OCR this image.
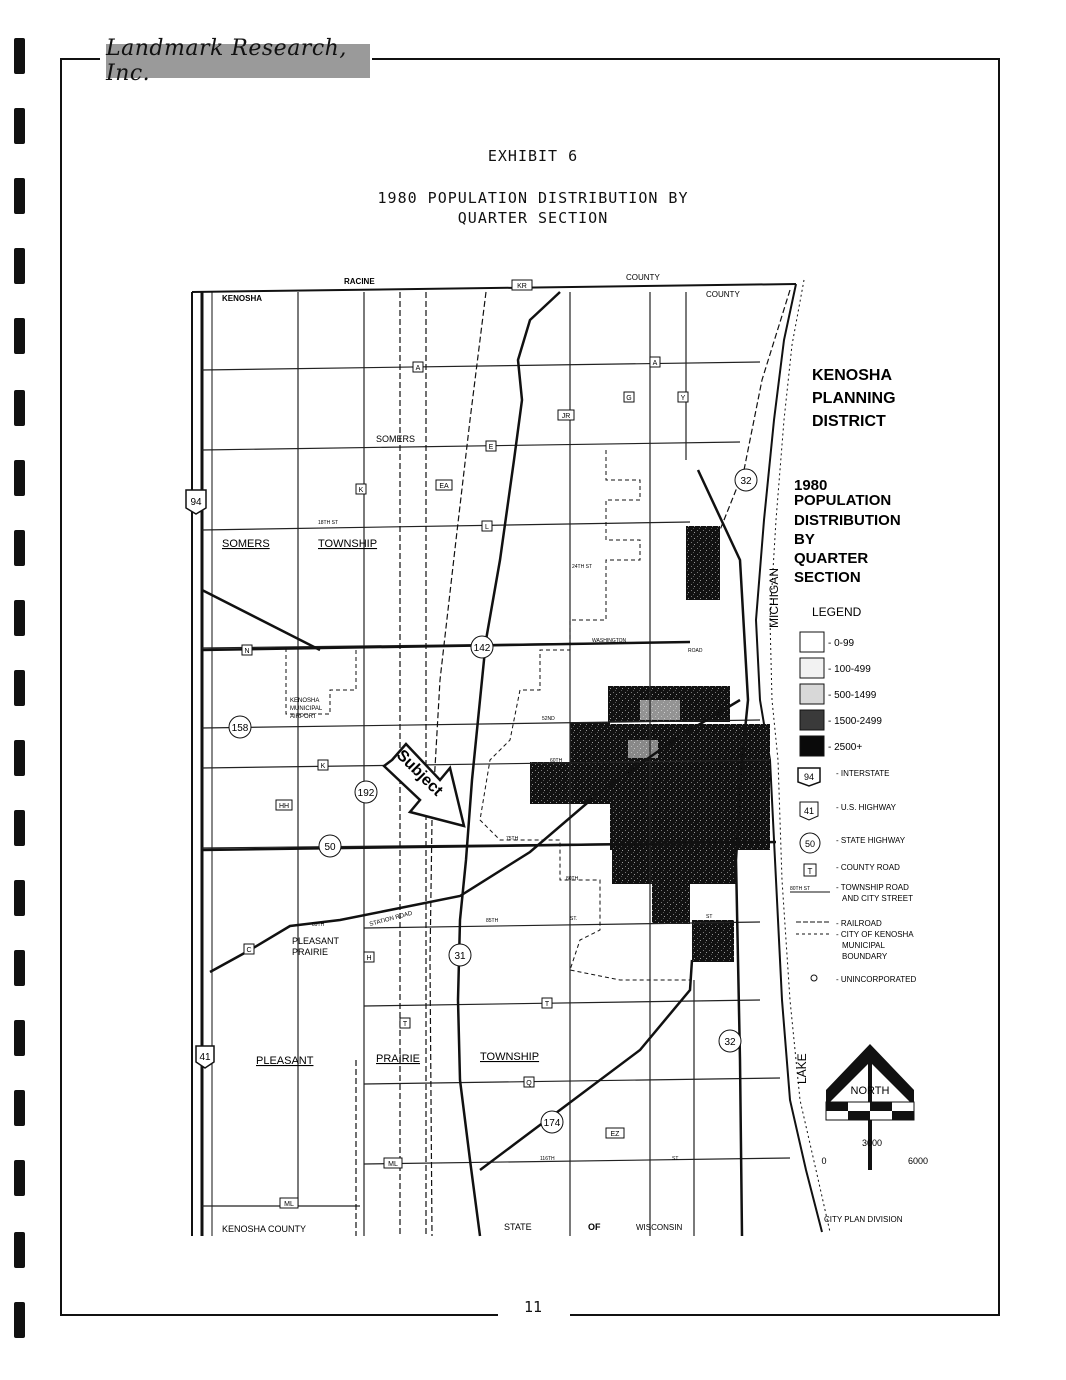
Landmark Research, Inc.
EXHIBIT 6
1980 POPULATION DISTRIBUTION BY
QUARTER SECTION
Subject
KENOSHA
RACINE	COUNTY
COUNTY
KENOSHA COUNTY	STATE	OF	WISCONSIN
CITY PLAN DIVISION
SOMERS	TOWNSHIP
SOMERS
PLEASANT	PRAIRIE	TOWNSHIP
PLEASANT
PRAIRIE
KENOSHA
MUNICIPAL
AIRPORT
MICHIGAN
LAKE
18TH ST
24TH ST
WASHINGTON
ROAD
52ND
60TH
75TH
80TH
85TH	ST.	ST
STATION ROAD
89TH
116TH	ST
94
41
32
32
142
158
192
50
31
174
KR
A
A
JR
G	Y
E
EA
K
L
N
K
HH
C
H
T
T
Q
EZ
ML
ML
KENOSHA
PLANNING
DISTRICT
1980
POPULATION
DISTRIBUTION
BY
QUARTER
SECTION
LEGEND
- 0-99
- 100-499
- 500-1499
- 1500-2499
- 2500+
94	- INTERSTATE
41	- U.S. HIGHWAY
50	- STATE HIGHWAY
T	- COUNTY ROAD
80TH ST	- TOWNSHIP ROAD
AND CITY STREET
- RAILROAD
- CITY OF KENOSHA
MUNICIPAL
BOUNDARY
- UNINCORPORATED
NORTH
0
3000
6000
11
